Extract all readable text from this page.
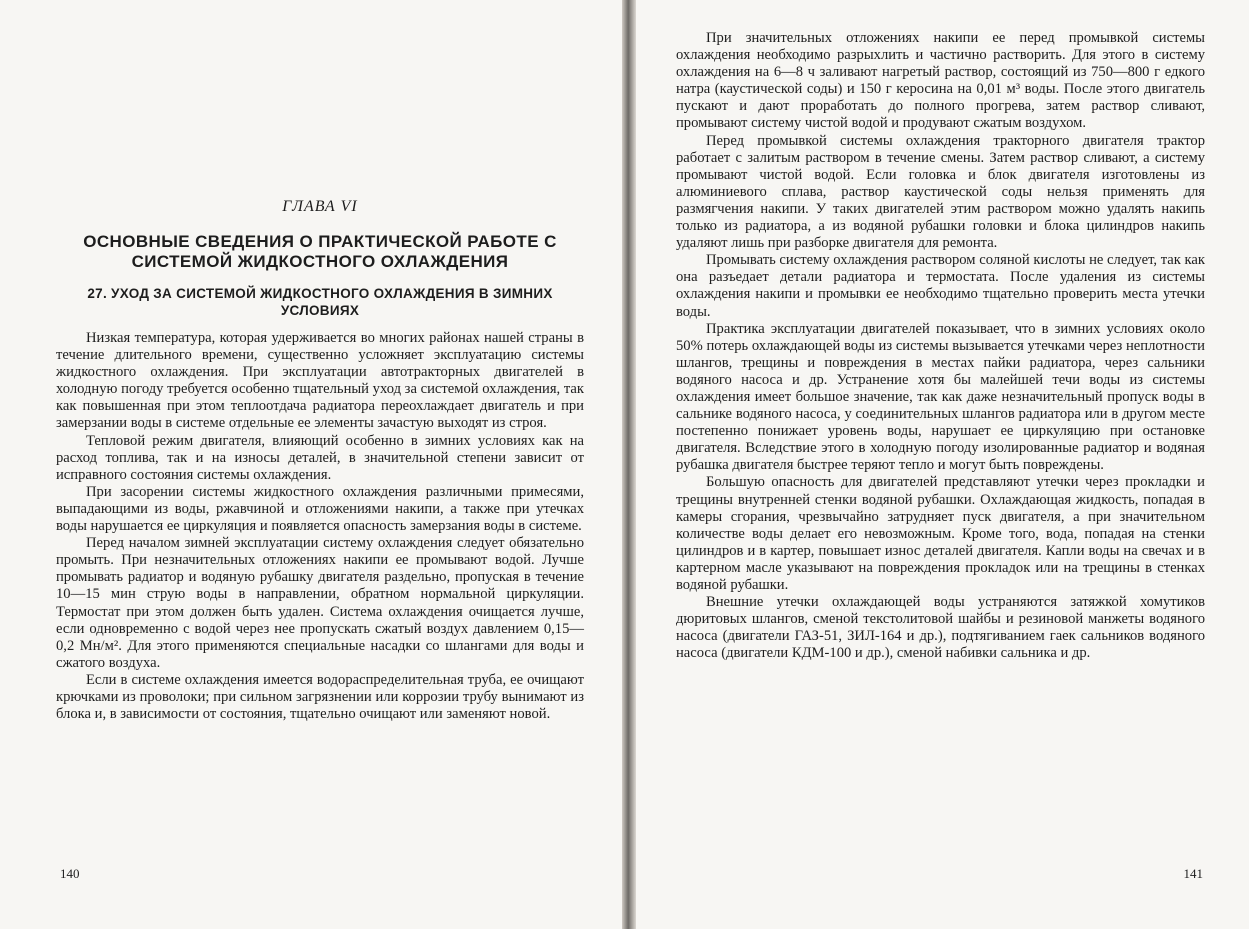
ГЛАВА VI
ОСНОВНЫЕ СВЕДЕНИЯ О ПРАКТИЧЕСКОЙ РАБОТЕ С СИСТЕМОЙ ЖИДКОСТНОГО ОХЛАЖДЕНИЯ
27. УХОД ЗА СИСТЕМОЙ ЖИДКОСТНОГО ОХЛАЖДЕНИЯ В ЗИМНИХ УСЛОВИЯХ

Низкая температура, которая удерживается во многих районах нашей страны в течение длительного времени, существенно усложняет эксплуатацию системы жидкостного охлаждения. При эксплуатации автотракторных двигателей в холодную погоду требуется особенно тщательный уход за системой охлаждения, так как повышенная при этом теплоотдача радиатора переохлаждает двигатель и при замерзании воды в системе отдельные ее элементы зачастую выходят из строя.

Тепловой режим двигателя, влияющий особенно в зимних условиях как на расход топлива, так и на износы деталей, в значительной степени зависит от исправного состояния системы охлаждения.

При засорении системы жидкостного охлаждения различными примесями, выпадающими из воды, ржавчиной и отложениями накипи, а также при утечках воды нарушается ее циркуляция и появляется опасность замерзания воды в системе.

Перед началом зимней эксплуатации систему охлаждения следует обязательно промыть. При незначительных отложениях накипи ее промывают водой. Лучше промывать радиатор и водяную рубашку двигателя раздельно, пропуская в течение 10—15 мин струю воды в направлении, обратном нормальной циркуляции. Термостат при этом должен быть удален. Система охлаждения очищается лучше, если одновременно с водой через нее пропускать сжатый воздух давлением 0,15—0,2 Мн/м². Для этого применяются специальные насадки со шлангами для воды и сжатого воздуха.

Если в системе охлаждения имеется водораспределительная труба, ее очищают крючками из проволоки; при сильном загрязнении или коррозии трубу вынимают из блока и, в зависимости от состояния, тщательно очищают или заменяют новой.

140

При значительных отложениях накипи ее перед промывкой системы охлаждения необходимо разрыхлить и частично растворить. Для этого в систему охлаждения на 6—8 ч заливают нагретый раствор, состоящий из 750—800 г едкого натра (каустической соды) и 150 г керосина на 0,01 м³ воды. После этого двигатель пускают и дают проработать до полного прогрева, затем раствор сливают, промывают систему чистой водой и продувают сжатым воздухом.

Перед промывкой системы охлаждения тракторного двигателя трактор работает с залитым раствором в течение смены. Затем раствор сливают, а систему промывают чистой водой. Если головка и блок двигателя изготовлены из алюминиевого сплава, раствор каустической соды нельзя применять для размягчения накипи. У таких двигателей этим раствором можно удалять накипь только из радиатора, а из водяной рубашки головки и блока цилиндров накипь удаляют лишь при разборке двигателя для ремонта.

Промывать систему охлаждения раствором соляной кислоты не следует, так как она разъедает детали радиатора и термостата. После удаления из системы охлаждения накипи и промывки ее необходимо тщательно проверить места утечки воды.

Практика эксплуатации двигателей показывает, что в зимних условиях около 50% потерь охлаждающей воды из системы вызывается утечками через неплотности шлангов, трещины и повреждения в местах пайки радиатора, через сальники водяного насоса и др. Устранение хотя бы малейшей течи воды из системы охлаждения имеет большое значение, так как даже незначительный пропуск воды в сальнике водяного насоса, у соединительных шлангов радиатора или в другом месте постепенно понижает уровень воды, нарушает ее циркуляцию при остановке двигателя. Вследствие этого в холодную погоду изолированные радиатор и водяная рубашка двигателя быстрее теряют тепло и могут быть повреждены.

Большую опасность для двигателей представляют утечки через прокладки и трещины внутренней стенки водяной рубашки. Охлаждающая жидкость, попадая в камеры сгорания, чрезвычайно затрудняет пуск двигателя, а при значительном количестве воды делает его невозможным. Кроме того, вода, попадая на стенки цилиндров и в картер, повышает износ деталей двигателя. Капли воды на свечах и в картерном масле указывают на повреждения прокладок или на трещины в стенках водяной рубашки.

Внешние утечки охлаждающей воды устраняются затяжкой хомутиков дюритовых шлангов, сменой текстолитовой шайбы и резиновой манжеты водяного насоса (двигатели ГАЗ-51, ЗИЛ-164 и др.), подтягиванием гаек сальников водяного насоса (двигатели КДМ-100 и др.), сменой набивки сальника и др.

141
